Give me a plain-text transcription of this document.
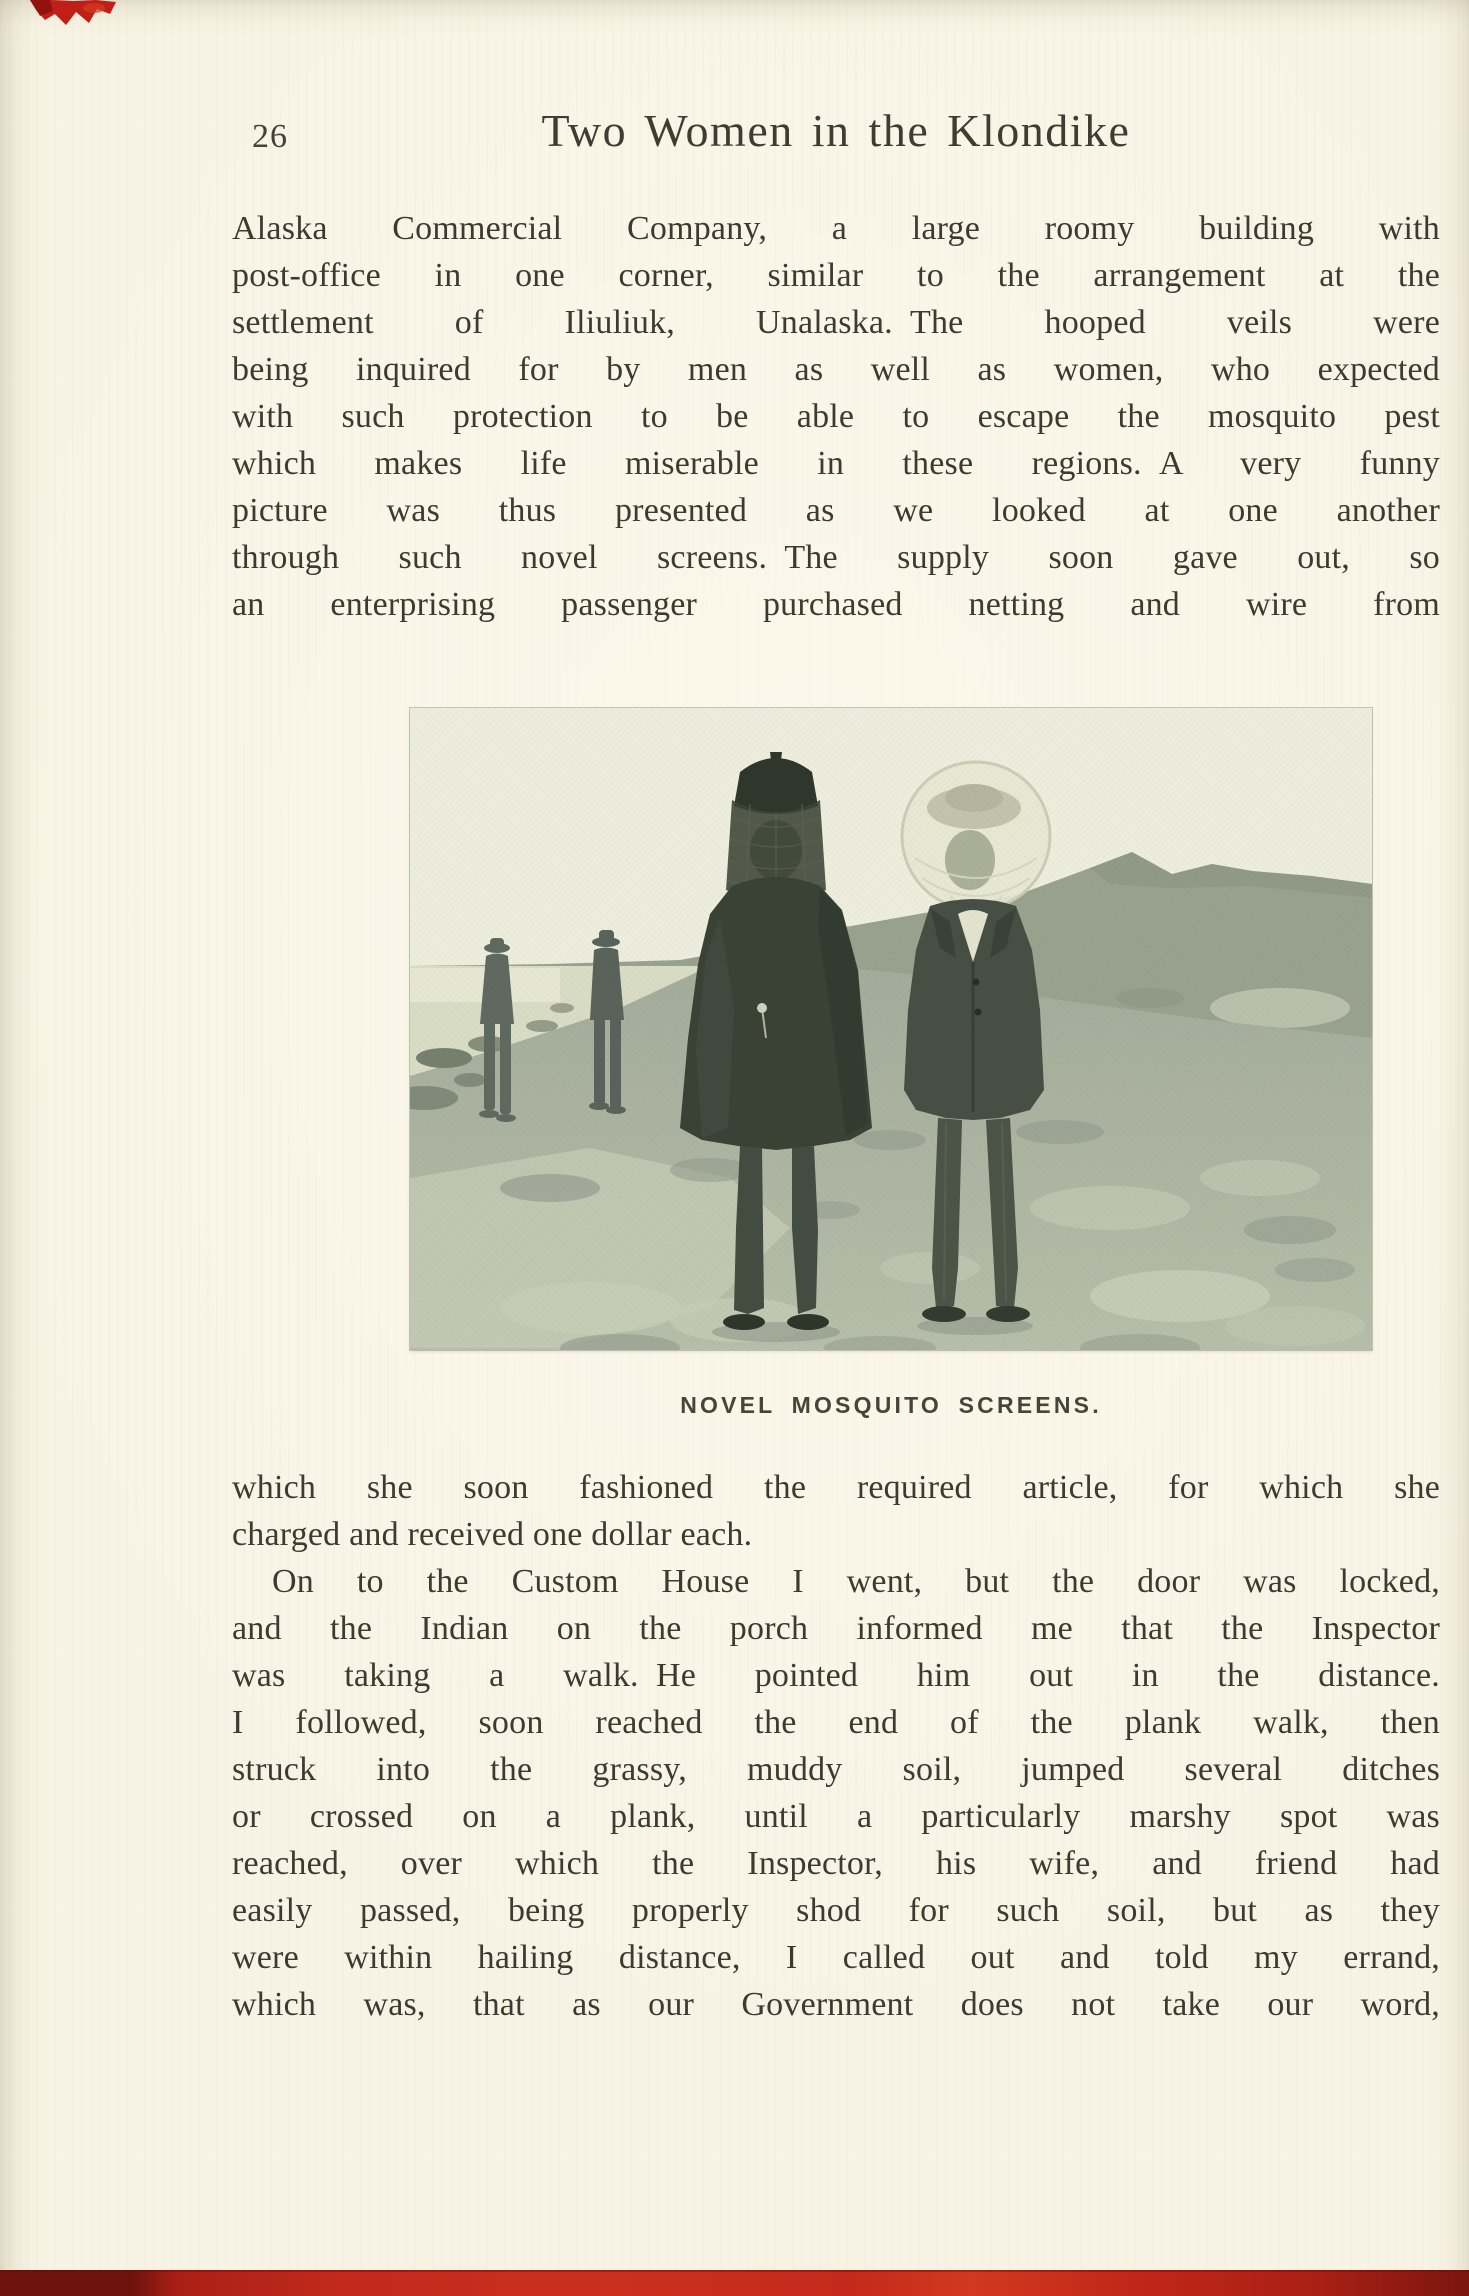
26	Two Women in the Klondike
Alaska Commercial Company, a large roomy building with
post-office in one corner, similar to the arrangement at the
settlement of Iliuliuk, Unalaska. The hooped veils were
being inquired for by men as well as women, who expected
with such protection to be able to escape the mosquito pest
which makes life miserable in these regions. A very funny
picture was thus presented as we looked at one another
through such novel screens. The supply soon gave out, so
an enterprising passenger purchased netting and wire from
NOVEL MOSQUITO SCREENS.
which she soon fashioned the required article, for which she
charged and received one dollar each.
On to the Custom House I went, but the door was locked,
and the Indian on the porch informed me that the Inspector
was taking a walk. He pointed him out in the distance.
I followed, soon reached the end of the plank walk, then
struck into the grassy, muddy soil, jumped several ditches
or crossed on a plank, until a particularly marshy spot was
reached, over which the Inspector, his wife, and friend had
easily passed, being properly shod for such soil, but as they
were within hailing distance, I called out and told my errand,
which was, that as our Government does not take our word,
